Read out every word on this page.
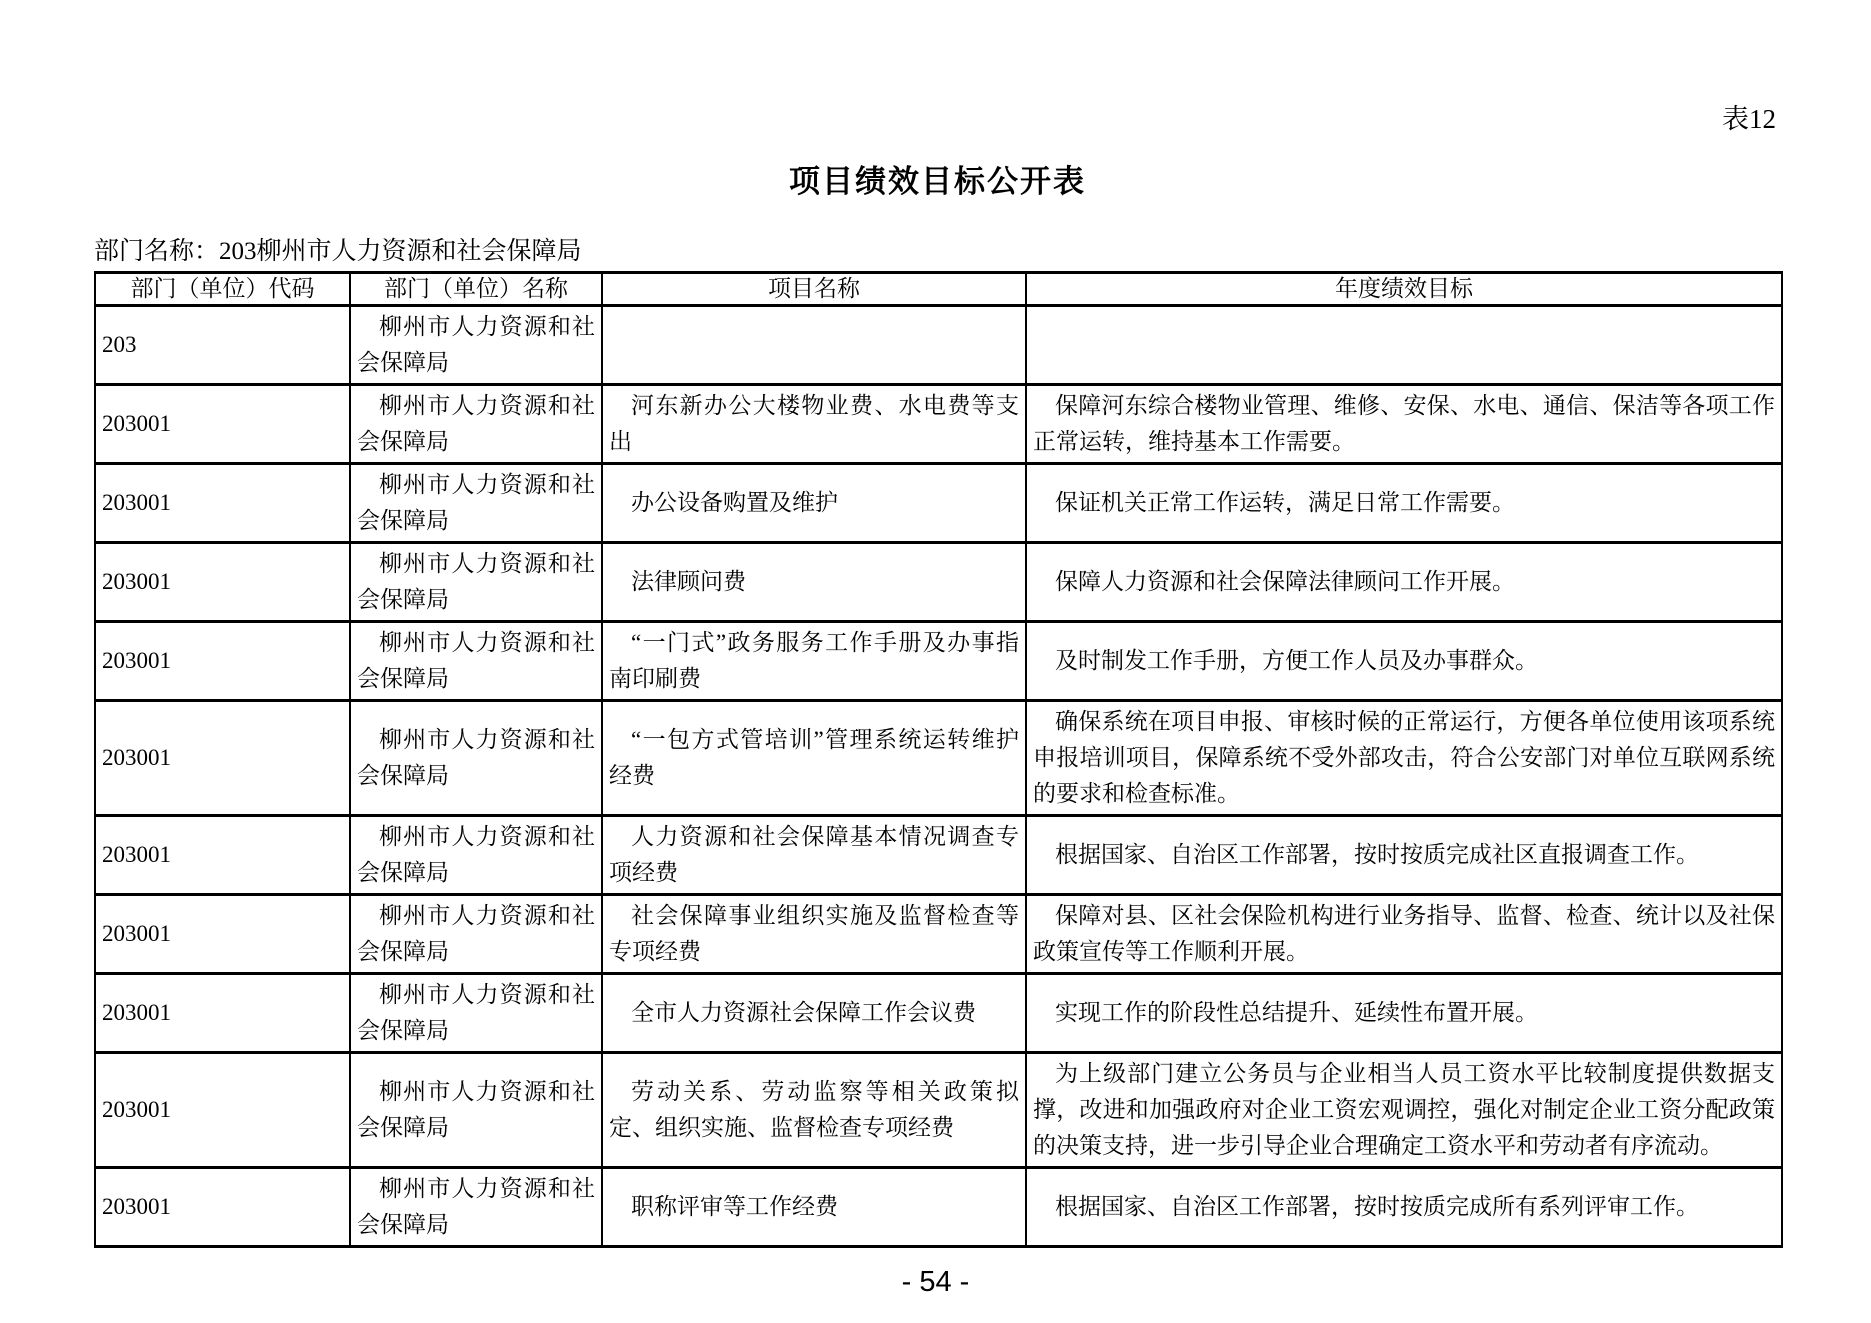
表12
项目绩效目标公开表
部门名称：203柳州市人力资源和社会保障局
部门（单位）代码	部门（单位）名称	项目名称	年度绩效目标
203	柳州市人力资源和社会保障局		
203001	柳州市人力资源和社会保障局	河东新办公大楼物业费、水电费等支出	保障河东综合楼物业管理、维修、安保、水电、通信、保洁等各项工作正常运转，维持基本工作需要。
203001	柳州市人力资源和社会保障局	办公设备购置及维护	保证机关正常工作运转，满足日常工作需要。
203001	柳州市人力资源和社会保障局	法律顾问费	保障人力资源和社会保障法律顾问工作开展。
203001	柳州市人力资源和社会保障局	“一门式”政务服务工作手册及办事指南印刷费	及时制发工作手册，方便工作人员及办事群众。
203001	柳州市人力资源和社会保障局	“一包方式管培训”管理系统运转维护经费	确保系统在项目申报、审核时候的正常运行，方便各单位使用该项系统申报培训项目，保障系统不受外部攻击，符合公安部门对单位互联网系统的要求和检查标准。
203001	柳州市人力资源和社会保障局	人力资源和社会保障基本情况调查专项经费	根据国家、自治区工作部署，按时按质完成社区直报调查工作。
203001	柳州市人力资源和社会保障局	社会保障事业组织实施及监督检查等专项经费	保障对县、区社会保险机构进行业务指导、监督、检查、统计以及社保政策宣传等工作顺利开展。
203001	柳州市人力资源和社会保障局	全市人力资源社会保障工作会议费	实现工作的阶段性总结提升、延续性布置开展。
203001	柳州市人力资源和社会保障局	劳动关系、劳动监察等相关政策拟定、组织实施、监督检查专项经费	为上级部门建立公务员与企业相当人员工资水平比较制度提供数据支撑，改进和加强政府对企业工资宏观调控，强化对制定企业工资分配政策的决策支持，进一步引导企业合理确定工资水平和劳动者有序流动。
203001	柳州市人力资源和社会保障局	职称评审等工作经费	根据国家、自治区工作部署，按时按质完成所有系列评审工作。
- 54 -
